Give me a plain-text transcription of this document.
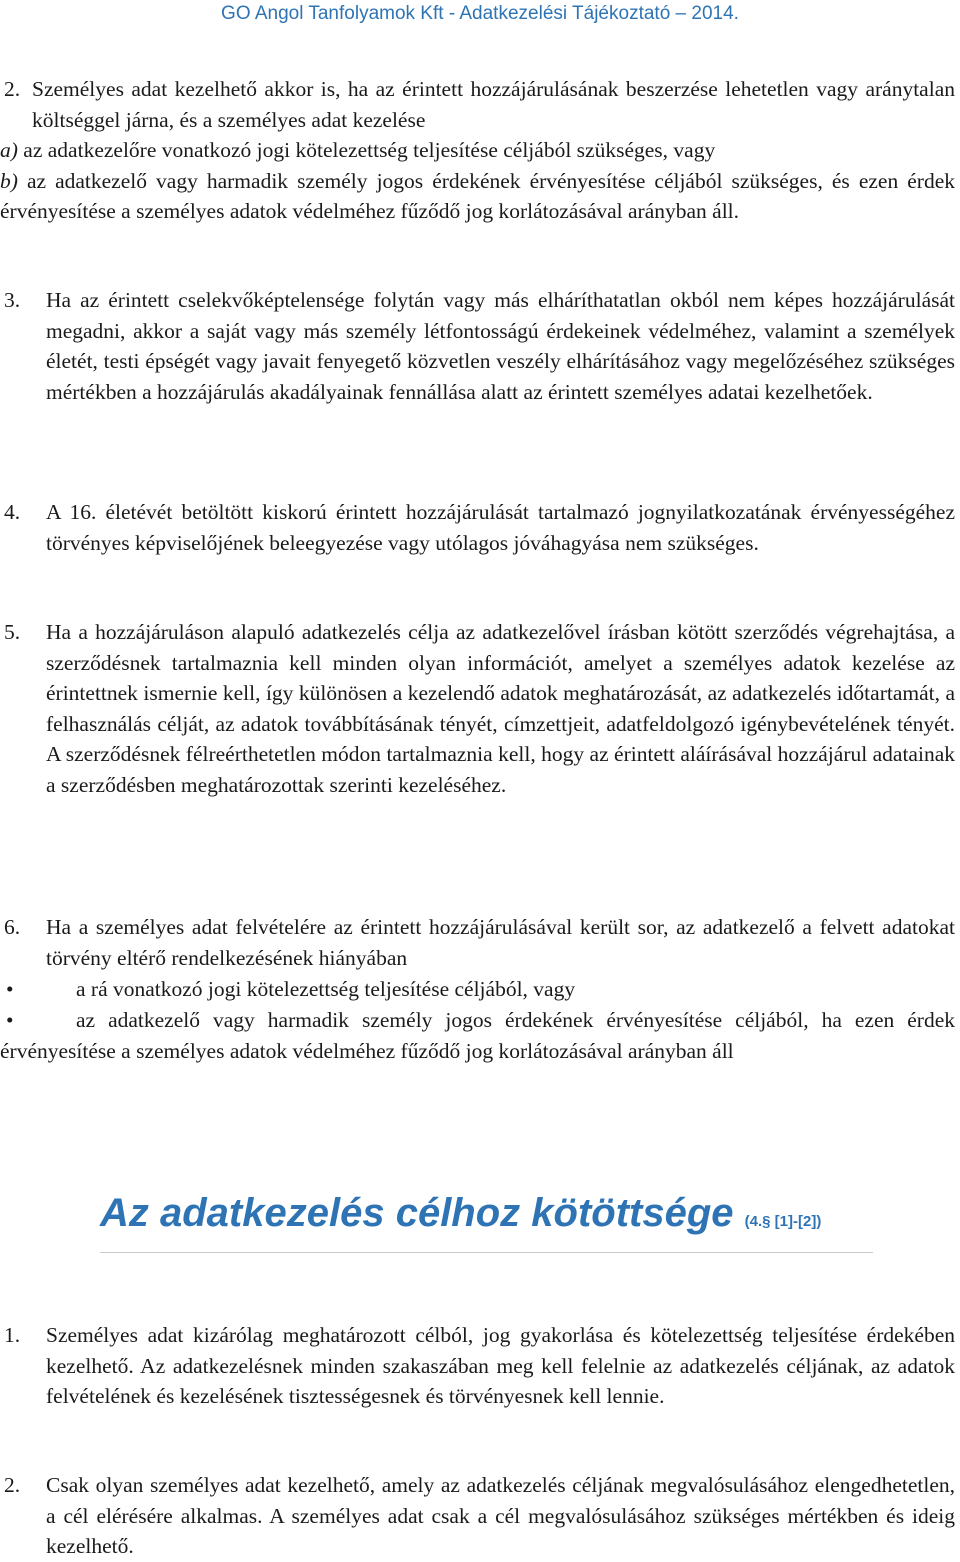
GO Angol Tanfolyamok Kft - Adatkezelési Tájékoztató – 2014.
2. Személyes adat kezelhető akkor is, ha az érintett hozzájárulásának beszerzése lehetetlen vagy aránytalan költséggel járna, és a személyes adat kezelése
a) az adatkezelőre vonatkozó jogi kötelezettség teljesítése céljából szükséges, vagy
b) az adatkezelő vagy harmadik személy jogos érdekének érvényesítése céljából szükséges, és ezen érdek érvényesítése a személyes adatok védelméhez fűződő jog korlátozásával arányban áll.
3. Ha az érintett cselekvőképtelensége folytán vagy más elháríthatatlan okból nem képes hozzájárulását megadni, akkor a saját vagy más személy létfontosságú érdekeinek védelméhez, valamint a személyek életét, testi épségét vagy javait fenyegető közvetlen veszély elhárításához vagy megelőzéséhez szükséges mértékben a hozzájárulás akadályainak fennállása alatt az érintett személyes adatai kezelhetőek.
4. A 16. életévét betöltött kiskorú érintett hozzájárulását tartalmazó jognyilatkozatának érvényességéhez törvényes képviselőjének beleegyezése vagy utólagos jóváhagyása nem szükséges.
5. Ha a hozzájáruláson alapuló adatkezelés célja az adatkezelővel írásban kötött szerződés végrehajtása, a szerződésnek tartalmaznia kell minden olyan információt, amelyet a személyes adatok kezelése az érintettnek ismernie kell, így különösen a kezelendő adatok meghatározását, az adatkezelés időtartamát, a felhasználás célját, az adatok továbbításának tényét, címzettjeit, adatfeldolgozó igénybevételének tényét. A szerződésnek félreérthetetlen módon tartalmaznia kell, hogy az érintett aláírásával hozzájárul adatainak a szerződésben meghatározottak szerinti kezeléséhez.
6. Ha a személyes adat felvételére az érintett hozzájárulásával került sor, az adatkezelő a felvett adatokat törvény eltérő rendelkezésének hiányában
•	a rá vonatkozó jogi kötelezettség teljesítése céljából, vagy
•	az adatkezelő vagy harmadik személy jogos érdekének érvényesítése céljából, ha ezen érdek érvényesítése a személyes adatok védelméhez fűződő jog korlátozásával arányban áll
Az adatkezelés célhoz kötöttsége (4.§ [1]-[2])
1. Személyes adat kizárólag meghatározott célból, jog gyakorlása és kötelezettség teljesítése érdekében kezelhető. Az adatkezelésnek minden szakaszában meg kell felelnie az adatkezelés céljának, az adatok felvételének és kezelésének tisztességesnek és törvényesnek kell lennie.
2. Csak olyan személyes adat kezelhető, amely az adatkezelés céljának megvalósulásához elengedhetetlen, a cél elérésére alkalmas. A személyes adat csak a cél megvalósulásához szükséges mértékben és ideig kezelhető.
